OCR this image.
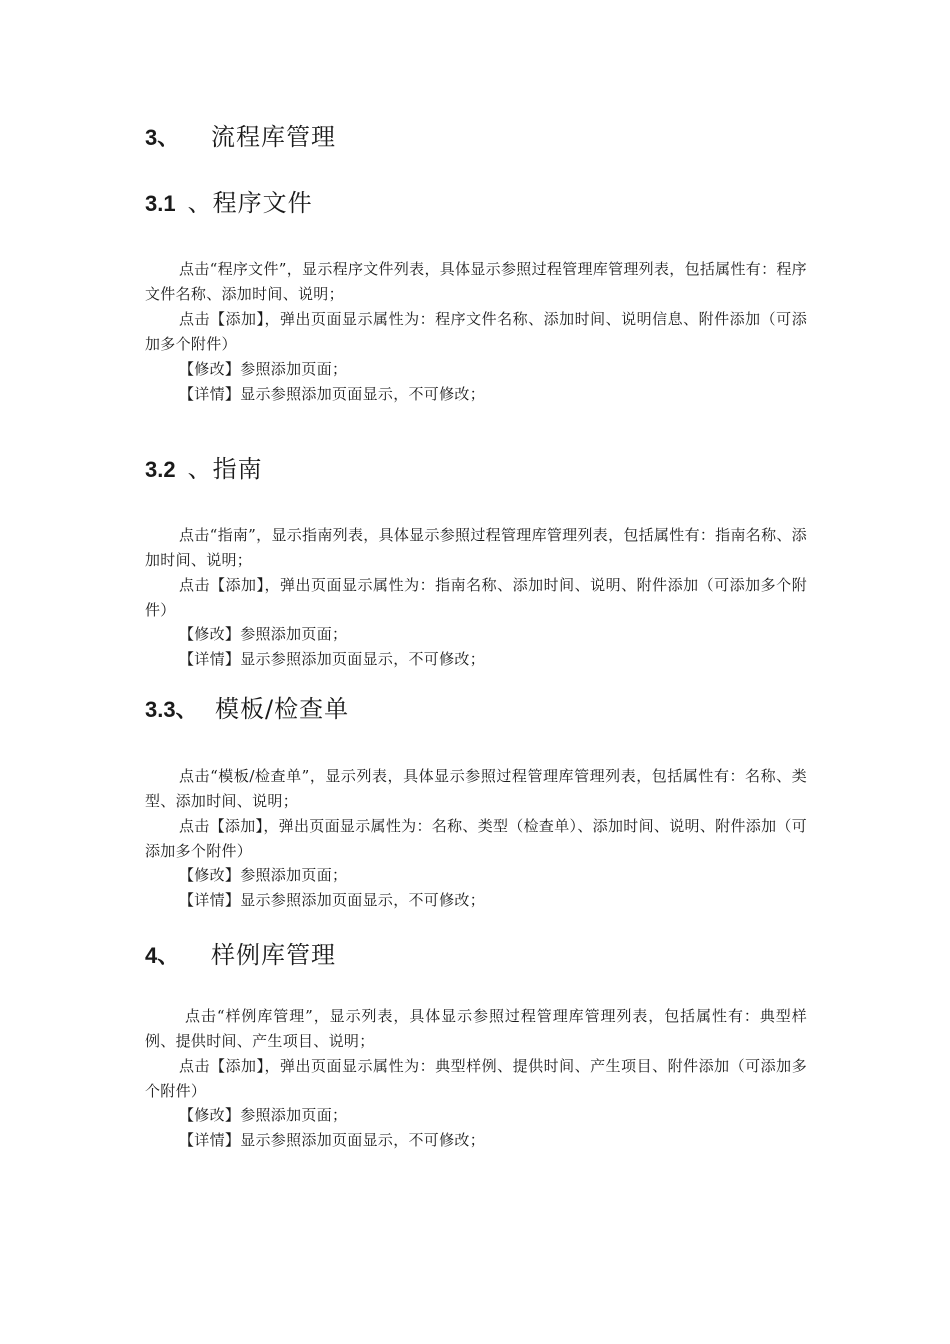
3、 流程库管理
3.1 、程序文件

点击“程序文件”，显示程序文件列表，具体显示参照过程管理库管理列表，包括属性有：程序文件名称、添加时间、说明；

点击【添加】，弹出页面显示属性为：程序文件名称、添加时间、说明信息、附件添加（可添加多个附件）

【修改】参照添加页面；

【详情】显示参照添加页面显示，不可修改；

3.2 、指南

点击“指南”，显示指南列表，具体显示参照过程管理库管理列表，包括属性有：指南名称、添加时间、说明；

点击【添加】，弹出页面显示属性为：指南名称、添加时间、说明、附件添加（可添加多个附件）

【修改】参照添加页面；

【详情】显示参照添加页面显示，不可修改；

3.3、 模板/检查单

点击“模板/检查单”，显示列表，具体显示参照过程管理库管理列表，包括属性有：名称、类型、添加时间、说明；

点击【添加】，弹出页面显示属性为：名称、类型（检查单）、添加时间、说明、附件添加（可添加多个附件）

【修改】参照添加页面；

【详情】显示参照添加页面显示，不可修改；

4、 样例库管理

点击“样例库管理”，显示列表，具体显示参照过程管理库管理列表，包括属性有：典型样例、提供时间、产生项目、说明；

点击【添加】，弹出页面显示属性为：典型样例、提供时间、产生项目、附件添加（可添加多个附件）

【修改】参照添加页面；

【详情】显示参照添加页面显示，不可修改；
